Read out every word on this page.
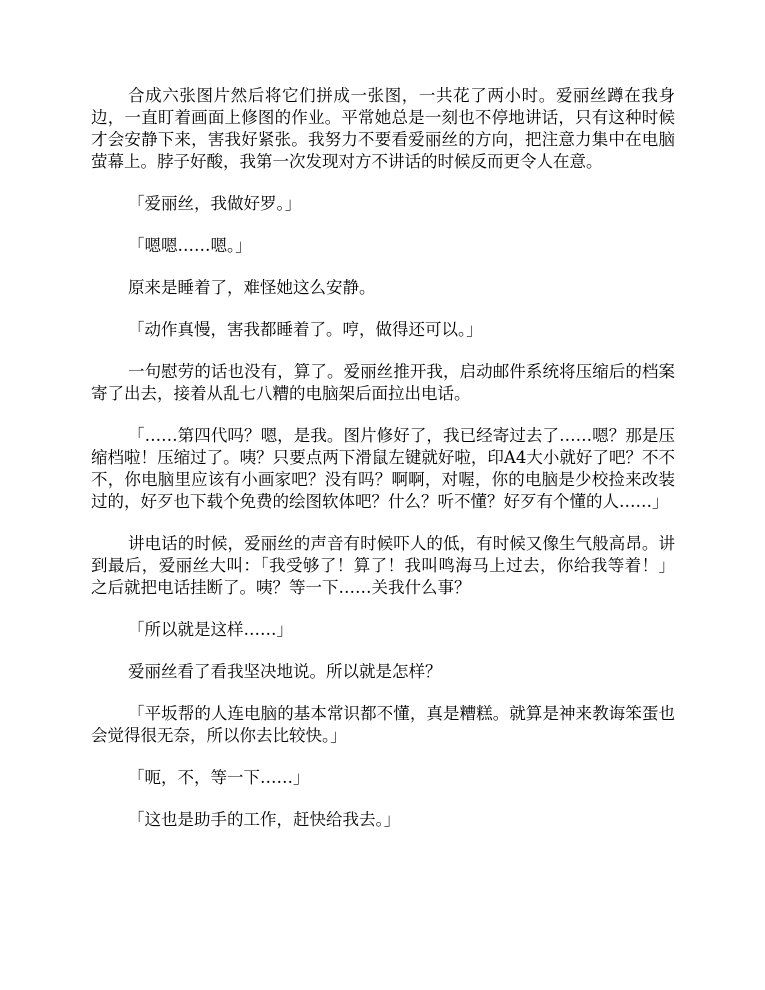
合成六张图片然后将它们拼成一张图，一共花了两小时。爱丽丝蹲在我身边，一直盯着画面上修图的作业。平常她总是一刻也不停地讲话，只有这种时候才会安静下来，害我好紧张。我努力不要看爱丽丝的方向，把注意力集中在电脑萤幕上。脖子好酸，我第一次发现对方不讲话的时候反而更令人在意。

「爱丽丝，我做好罗。」

「嗯嗯……嗯。」

原来是睡着了，难怪她这么安静。

「动作真慢，害我都睡着了。哼，做得还可以。」

一句慰劳的话也没有，算了。爱丽丝推开我，启动邮件系统将压缩后的档案寄了出去，接着从乱七八糟的电脑架后面拉出电话。

「……第四代吗？嗯，是我。图片修好了，我已经寄过去了……嗯？那是压缩档啦！压缩过了。咦？只要点两下滑鼠左键就好啦，印A4大小就好了吧？不不不，你电脑里应该有小画家吧？没有吗？啊啊，对喔，你的电脑是少校捡来改装过的，好歹也下载个免费的绘图软体吧？什么？听不懂？好歹有个懂的人……」

讲电话的时候，爱丽丝的声音有时候吓人的低，有时候又像生气般高昂。讲到最后，爱丽丝大叫：「我受够了！算了！我叫鸣海马上过去，你给我等着！」之后就把电话挂断了。咦？等一下……关我什么事？

「所以就是这样……」

爱丽丝看了看我坚决地说。所以就是怎样？

「平坂帮的人连电脑的基本常识都不懂，真是糟糕。就算是神来教诲笨蛋也会觉得很无奈，所以你去比较快。」

「呃，不，等一下……」

「这也是助手的工作，赶快给我去。」
